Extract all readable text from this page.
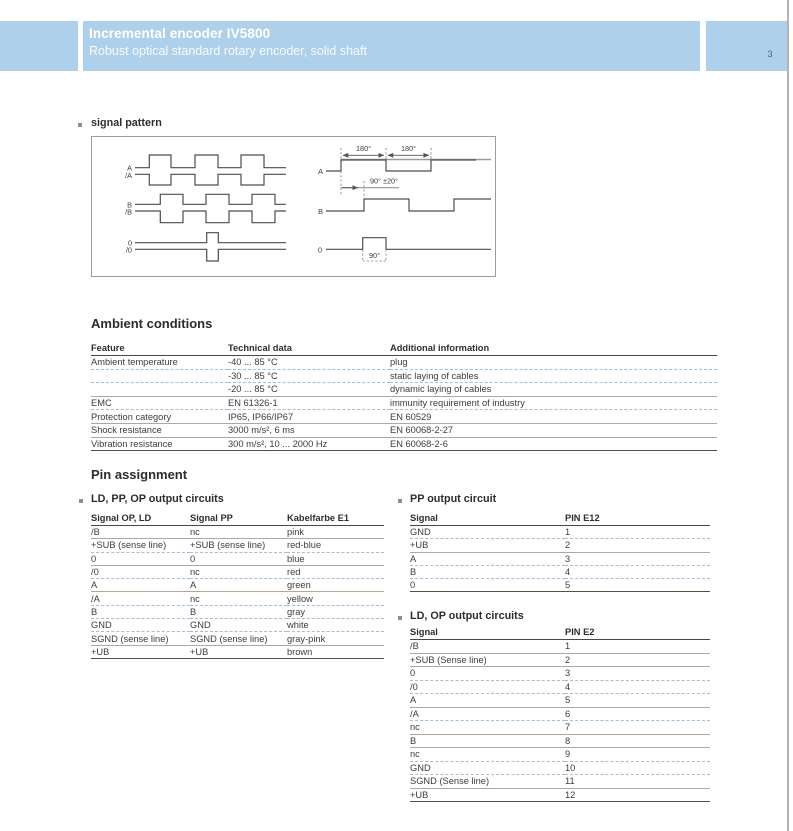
Incremental encoder IV5800
Robust optical standard rotary encoder, solid shaft	3
signal pattern
A
/A
B
/B
0
/0
180°	180°
90° ±20°
A
B
0
90°
Ambient conditions
Feature	Technical data	Additional information
Ambient temperature	-40 ... 85 °C	plug
	-30 ... 85 °C	static laying of cables
	-20 ... 85 °C	dynamic laying of cables
EMC	EN 61326-1	immunity requirement of industry
Protection category	IP65, IP66/IP67	EN 60529
Shock resistance	3000 m/s², 6 ms	EN 60068-2-27
Vibration resistance	300 m/s², 10 ... 2000 Hz	EN 60068-2-6
Pin assignment
LD, PP, OP output circuits
Signal OP, LD	Signal PP	Kabelfarbe E1
/B	nc	pink
+SUB (sense line)	+SUB (sense line)	red-blue
0	0	blue
/0	nc	red
A	A	green
/A	nc	yellow
B	B	gray
GND	GND	white
SGND (sense line)	SGND (sense line)	gray-pink
+UB	+UB	brown
PP output circuit
Signal	PIN E12
GND	1
+UB	2
A	3
B	4
0	5
LD, OP output circuits
Signal	PIN E2
/B	1
+SUB (Sense line)	2
0	3
/0	4
A	5
/A	6
nc	7
B	8
nc	9
GND	10
SGND (Sense line)	11
+UB	12
